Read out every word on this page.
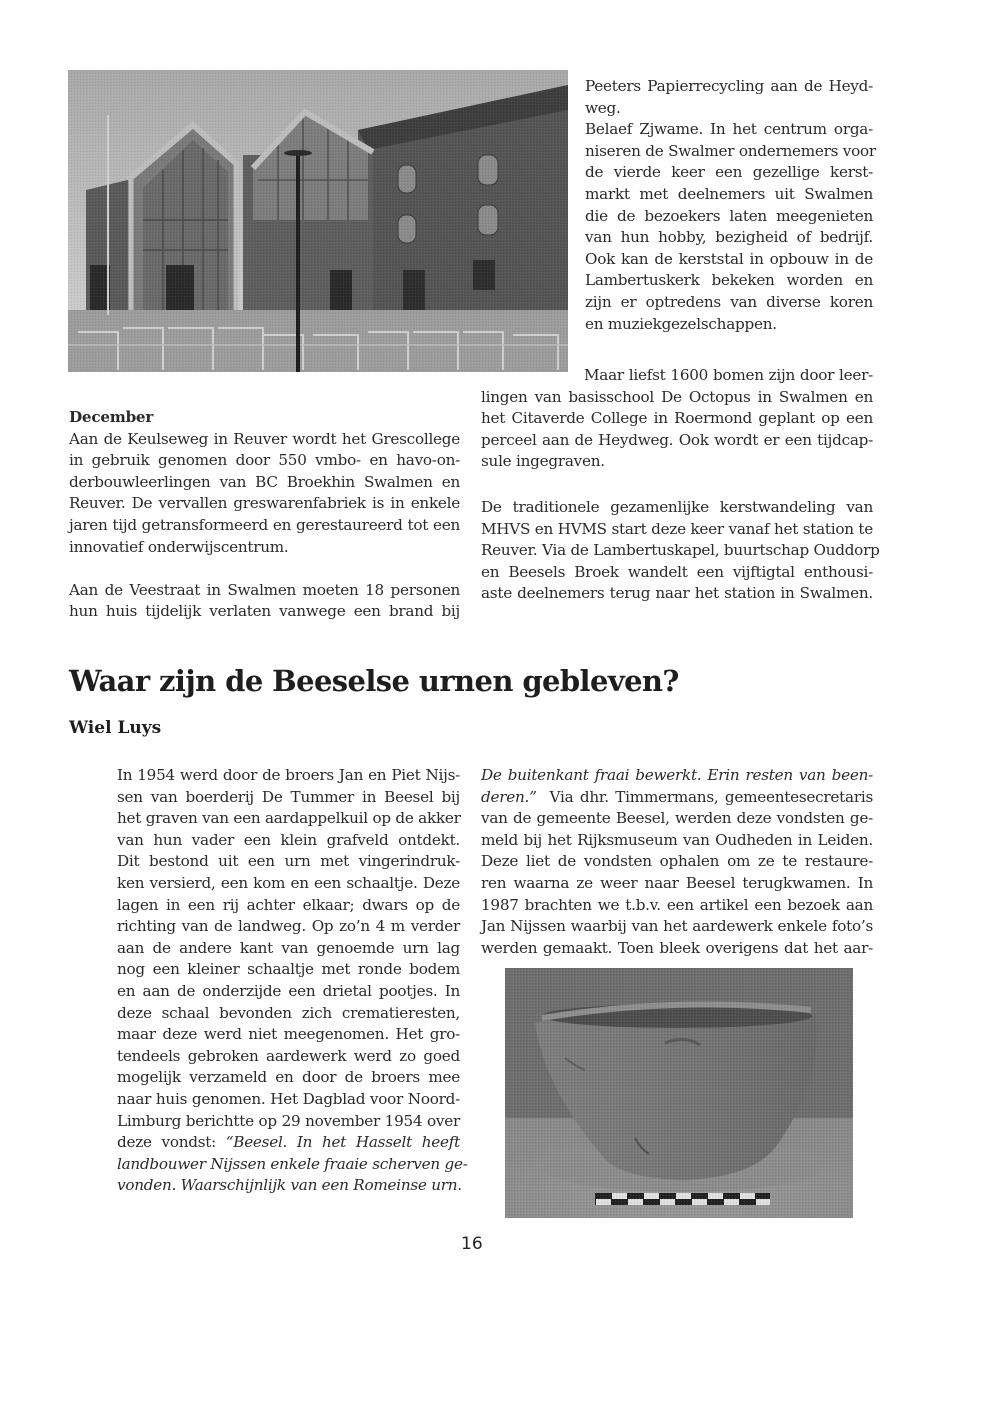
Peeters Papierrecycling aan de Heyd-
weg.
Belaef Zjwame. In het centrum orga-
niseren de Swalmer ondernemers voor
de vierde keer een gezellige kerst-
markt met deelnemers uit Swalmen
die de bezoekers laten meegenieten
van hun hobby, bezigheid of bedrijf.
Ook kan de kerststal in opbouw in de
Lambertuskerk bekeken worden en
zijn er optredens van diverse koren
en muziekgezelschappen.
Maar liefst 1600 bomen zijn door leer-
lingen van basisschool De Octopus in Swalmen en
het Citaverde College in Roermond geplant op een
perceel aan de Heydweg. Ook wordt er een tijdcap-
sule ingegraven.
De traditionele gezamenlijke kerstwandeling van
MHVS en HVMS start deze keer vanaf het station te
Reuver. Via de Lambertuskapel, buurtschap Ouddorp
en Beesels Broek wandelt een vijftigtal enthousi-
aste deelnemers terug naar het station in Swalmen.
December
Aan de Keulseweg in Reuver wordt het Grescollege
in gebruik genomen door 550 vmbo- en havo-on-
derbouwleerlingen van BC Broekhin Swalmen en
Reuver. De vervallen greswarenfabriek is in enkele
jaren tijd getransformeerd en gerestaureerd tot een
innovatief onderwijscentrum.
Aan de Veestraat in Swalmen moeten 18 personen
hun huis tijdelijk verlaten vanwege een brand bij
Waar zijn de Beeselse urnen gebleven?
Wiel Luys
In 1954 werd door de broers Jan en Piet Nijs-
sen van boerderij De Tummer in Beesel bij
het graven van een aardappelkuil op de akker
van hun vader een klein grafveld ontdekt.
Dit bestond uit een urn met vingerindruk-
ken versierd, een kom en een schaaltje. Deze
lagen in een rij achter elkaar; dwars op de
richting van de landweg. Op zo’n 4 m verder
aan de andere kant van genoemde urn lag
nog een kleiner schaaltje met ronde bodem
en aan de onderzijde een drietal pootjes. In
deze schaal bevonden zich crematieresten,
maar deze werd niet meegenomen. Het gro-
tendeels gebroken aardewerk werd zo goed
mogelijk verzameld en door de broers mee
naar huis genomen. Het Dagblad voor Noord-
Limburg berichtte op 29 november 1954 over
deze vondst: “Beesel. In het Hasselt heeft
landbouwer Nijssen enkele fraaie scherven ge-
vonden. Waarschijnlijk van een Romeinse urn.
De buitenkant fraai bewerkt. Erin resten van been-
deren.”  Via dhr. Timmermans, gemeentesecretaris
van de gemeente Beesel, werden deze vondsten ge-
meld bij het Rijksmuseum van Oudheden in Leiden.
Deze liet de vondsten ophalen om ze te restaure-
ren waarna ze weer naar Beesel terugkwamen. In
1987 brachten we t.b.v. een artikel een bezoek aan
Jan Nijssen waarbij van het aardewerk enkele foto’s
werden gemaakt. Toen bleek overigens dat het aar-
16
